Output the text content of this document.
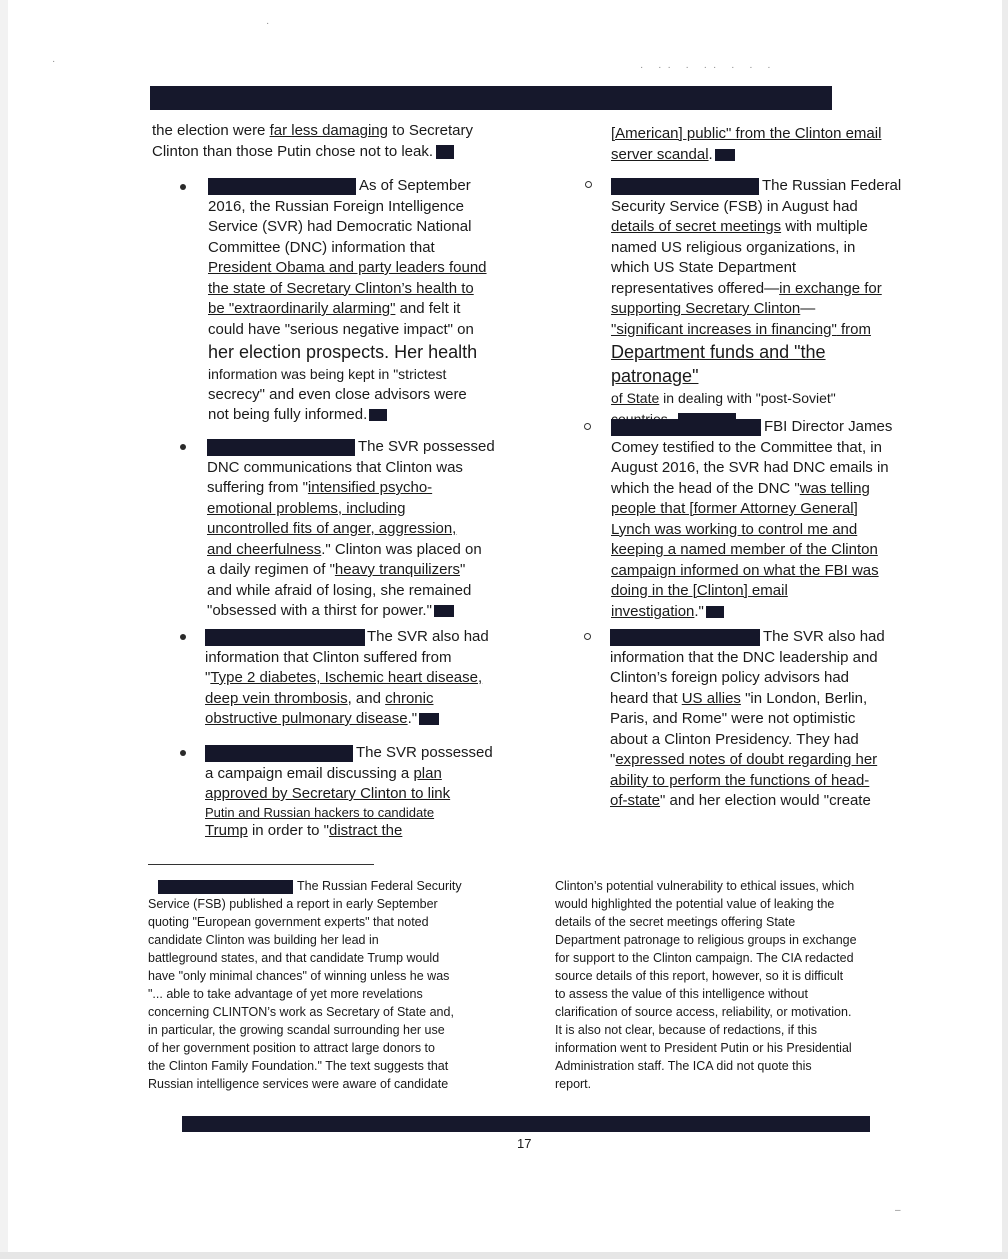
·
·
· ·· · ·· · · ·
–

the election were far less damaging to Secretary

Clinton than those Putin chose not to leak.

As of September

2016, the Russian Foreign Intelligence

Service (SVR) had Democratic National

Committee (DNC) information that

President Obama and party leaders found

the state of Secretary Clinton’s health to

be "extraordinarily alarming" and felt it

could have "serious negative impact" on

her election prospects. Her health

information was being kept in "strictest

secrecy" and even close advisors were

not being fully informed.

The SVR possessed

DNC communications that Clinton was

suffering from "intensified psycho-

emotional problems, including

uncontrolled fits of anger, aggression,

and cheerfulness." Clinton was placed on

a daily regimen of "heavy tranquilizers"

and while afraid of losing, she remained

"obsessed with a thirst for power."

The SVR also had

information that Clinton suffered from

"Type 2 diabetes, Ischemic heart disease,

deep vein thrombosis, and chronic

obstructive pulmonary disease."

The SVR possessed

a campaign email discussing a plan

approved by Secretary Clinton to link

Putin and Russian hackers to candidate

Trump in order to "distract the

[American] public" from the Clinton email

server scandal.

The Russian Federal

Security Service (FSB) in August had

details of secret meetings with multiple

named US religious organizations, in

which US State Department

representatives offered—in exchange for

supporting Secretary Clinton—

"significant increases in financing" from

Department funds and "the patronage"

of State in dealing with "post-Soviet"

FBI Director James

Comey testified to the Committee that, in

August 2016, the SVR had DNC emails in

which the head of the DNC "was telling

people that [former Attorney General]

Lynch was working to control me and

keeping a named member of the Clinton

campaign informed on what the FBI was

doing in the [Clinton] email

investigation."

The SVR also had

information that the DNC leadership and

Clinton’s foreign policy advisors had

heard that US allies "in London, Berlin,

Paris, and Rome" were not optimistic

about a Clinton Presidency. They had

"expressed notes of doubt regarding her

ability to perform the functions of head-

of-state" and her election would "create

The Russian Federal Security

Service (FSB) published a report in early September

quoting "European government experts" that noted

candidate Clinton was building her lead in

battleground states, and that candidate Trump would

have "only minimal chances" of winning unless he was

"... able to take advantage of yet more revelations

concerning CLINTON’s work as Secretary of State and,

in particular, the growing scandal surrounding her use

of her government position to attract large donors to

the Clinton Family Foundation." The text suggests that

Russian intelligence services were aware of candidate

Clinton’s potential vulnerability to ethical issues, which

would highlighted the potential value of leaking the

details of the secret meetings offering State

Department patronage to religious groups in exchange

for support to the Clinton campaign. The CIA redacted

source details of this report, however, so it is difficult

to assess the value of this intelligence without

clarification of source access, reliability, or motivation.

It is also not clear, because of redactions, if this

information went to President Putin or his Presidential

Administration staff. The ICA did not quote this

report.

17
